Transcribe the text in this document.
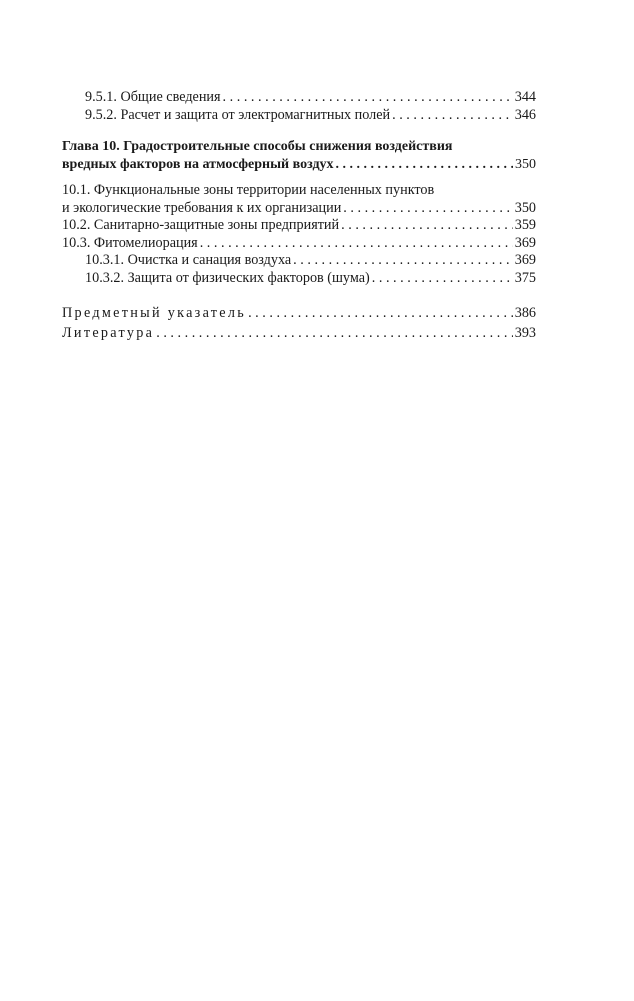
9.5.1. Общие сведения . . .	344
9.5.2. Расчет и защита от электромагнитных полей . . .	346
Глава 10. Градостроительные способы снижения воздействия
вредных факторов на атмосферный воздух . . .	350
10.1. Функциональные зоны территории населенных пунктов
и экологические требования к их организации . . .	350
10.2. Санитарно-защитные зоны предприятий . . .	359
10.3. Фитомелиорация . . .	369
10.3.1. Очистка и санация воздуха . . .	369
10.3.2. Защита от физических факторов (шума) . . .	375
Предметный указатель . . .	386
Литература . . .	393
